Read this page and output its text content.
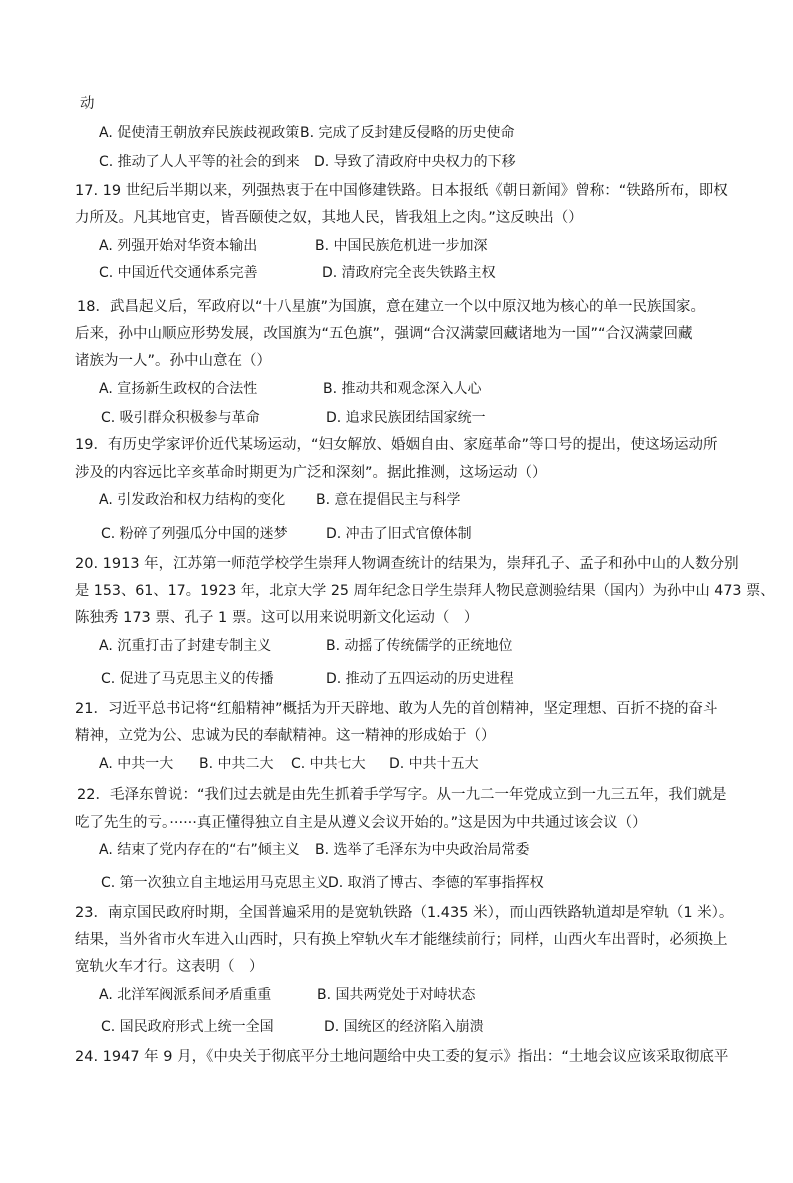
动
A. 促使清王朝放弃民族歧视政策 B. 完成了反封建反侵略的历史使命
C. 推动了人人平等的社会的到来 D. 导致了清政府中央权力的下移
17. 19 世纪后半期以来，列强热衷于在中国修建铁路。日本报纸《朝日新闻》曾称：“铁路所布，即权
力所及。凡其地官吏，皆吾颐使之奴，其地人民，皆我俎上之肉。”这反映出（）
A. 列强开始对华资本输出	B. 中国民族危机进一步加深
C. 中国近代交通体系完善	D. 清政府完全丧失铁路主权
18．武昌起义后，军政府以“十八星旗”为国旗，意在建立一个以中原汉地为核心的单一民族国家。
后来，孙中山顺应形势发展，改国旗为“五色旗”，强调“合汉满蒙回藏诸地为一国”“合汉满蒙回藏
诸族为一人”。孙中山意在（）
A. 宣扬新生政权的合法性	B. 推动共和观念深入人心
C. 吸引群众积极参与革命	D. 追求民族团结国家统一
19．有历史学家评价近代某场运动，“妇女解放、婚姻自由、家庭革命”等口号的提出，使这场运动所
涉及的内容远比辛亥革命时期更为广泛和深刻”。据此推测，这场运动（）
A. 引发政治和权力结构的变化 B. 意在提倡民主与科学
C. 粉碎了列强瓜分中国的迷梦	D. 冲击了旧式官僚体制
20. 1913 年，江苏第一师范学校学生崇拜人物调查统计的结果为，崇拜孔子、孟子和孙中山的人数分别
是 153、61、17。1923 年，北京大学 25 周年纪念日学生崇拜人物民意测验结果（国内）为孙中山 473 票、
陈独秀 173 票、孔子 1 票。这可以用来说明新文化运动（　）
A. 沉重打击了封建专制主义	B. 动摇了传统儒学的正统地位
C. 促进了马克思主义的传播	D. 推动了五四运动的历史进程
21．习近平总书记将“红船精神”概括为开天辟地、敢为人先的首创精神，坚定理想、百折不挠的奋斗
精神，立党为公、忠诚为民的奉献精神。这一精神的形成始于（）
A. 中共一大 B. 中共二大 C. 中共七大 D. 中共十五大
22．毛泽东曾说：“我们过去就是由先生抓着手学写字。从一九二一年党成立到一九三五年，我们就是
吃了先生的亏。······真正懂得独立自主是从遵义会议开始的。”这是因为中共通过该会议（）
A. 结束了党内存在的“右”倾主义 B. 选举了毛泽东为中央政治局常委
C. 第一次独立自主地运用马克思主义
D. 取消了博古、李德的军事指挥权
23．南京国民政府时期，全国普遍采用的是宽轨铁路（1.435 米），而山西铁路轨道却是窄轨（1 米）。
结果，当外省市火车进入山西时，只有换上窄轨火车才能继续前行；同样，山西火车出晋时，必须换上
宽轨火车才行。这表明（　）
A. 北洋军阀派系间矛盾重重	B. 国共两党处于对峙状态
C. 国民政府形式上统一全国	D. 国统区的经济陷入崩溃
24. 1947 年 9 月，《中央关于彻底平分土地问题给中央工委的复示》指出：“土地会议应该采取彻底平
